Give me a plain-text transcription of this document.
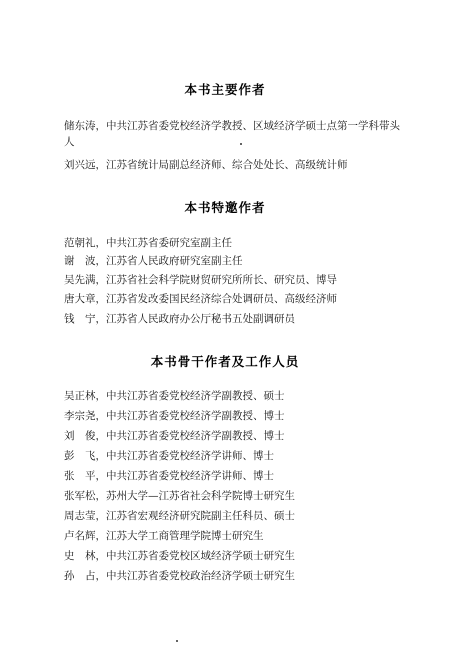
本书主要作者
储东涛，中共江苏省委党校经济学教授、区域经济学硕士点第一学科带头人
刘兴远，江苏省统计局副总经济师、综合处处长、高级统计师
本书特邀作者
范朝礼，中共江苏省委研究室副主任
谢　波，江苏省人民政府研究室副主任
吴先满，江苏省社会科学院财贸研究所所长、研究员、博导
唐大章，江苏省发改委国民经济综合处调研员、高级经济师
钱　宁，江苏省人民政府办公厅秘书五处副调研员
本书骨干作者及工作人员
吴正林，中共江苏省委党校经济学副教授、硕士
李宗尧，中共江苏省委党校经济学副教授、博士
刘　俊，中共江苏省委党校经济学副教授、博士
彭　飞，中共江苏省委党校经济学讲师、博士
张　平，中共江苏省委党校经济学讲师、博士
张军松，苏州大学—江苏省社会科学院博士研究生
周志莹，江苏省宏观经济研究院副主任科员、硕士
卢名辉，江苏大学工商管理学院博士研究生
史　林，中共江苏省委党校区域经济学硕士研究生
孙　占，中共江苏省委党校政治经济学硕士研究生
